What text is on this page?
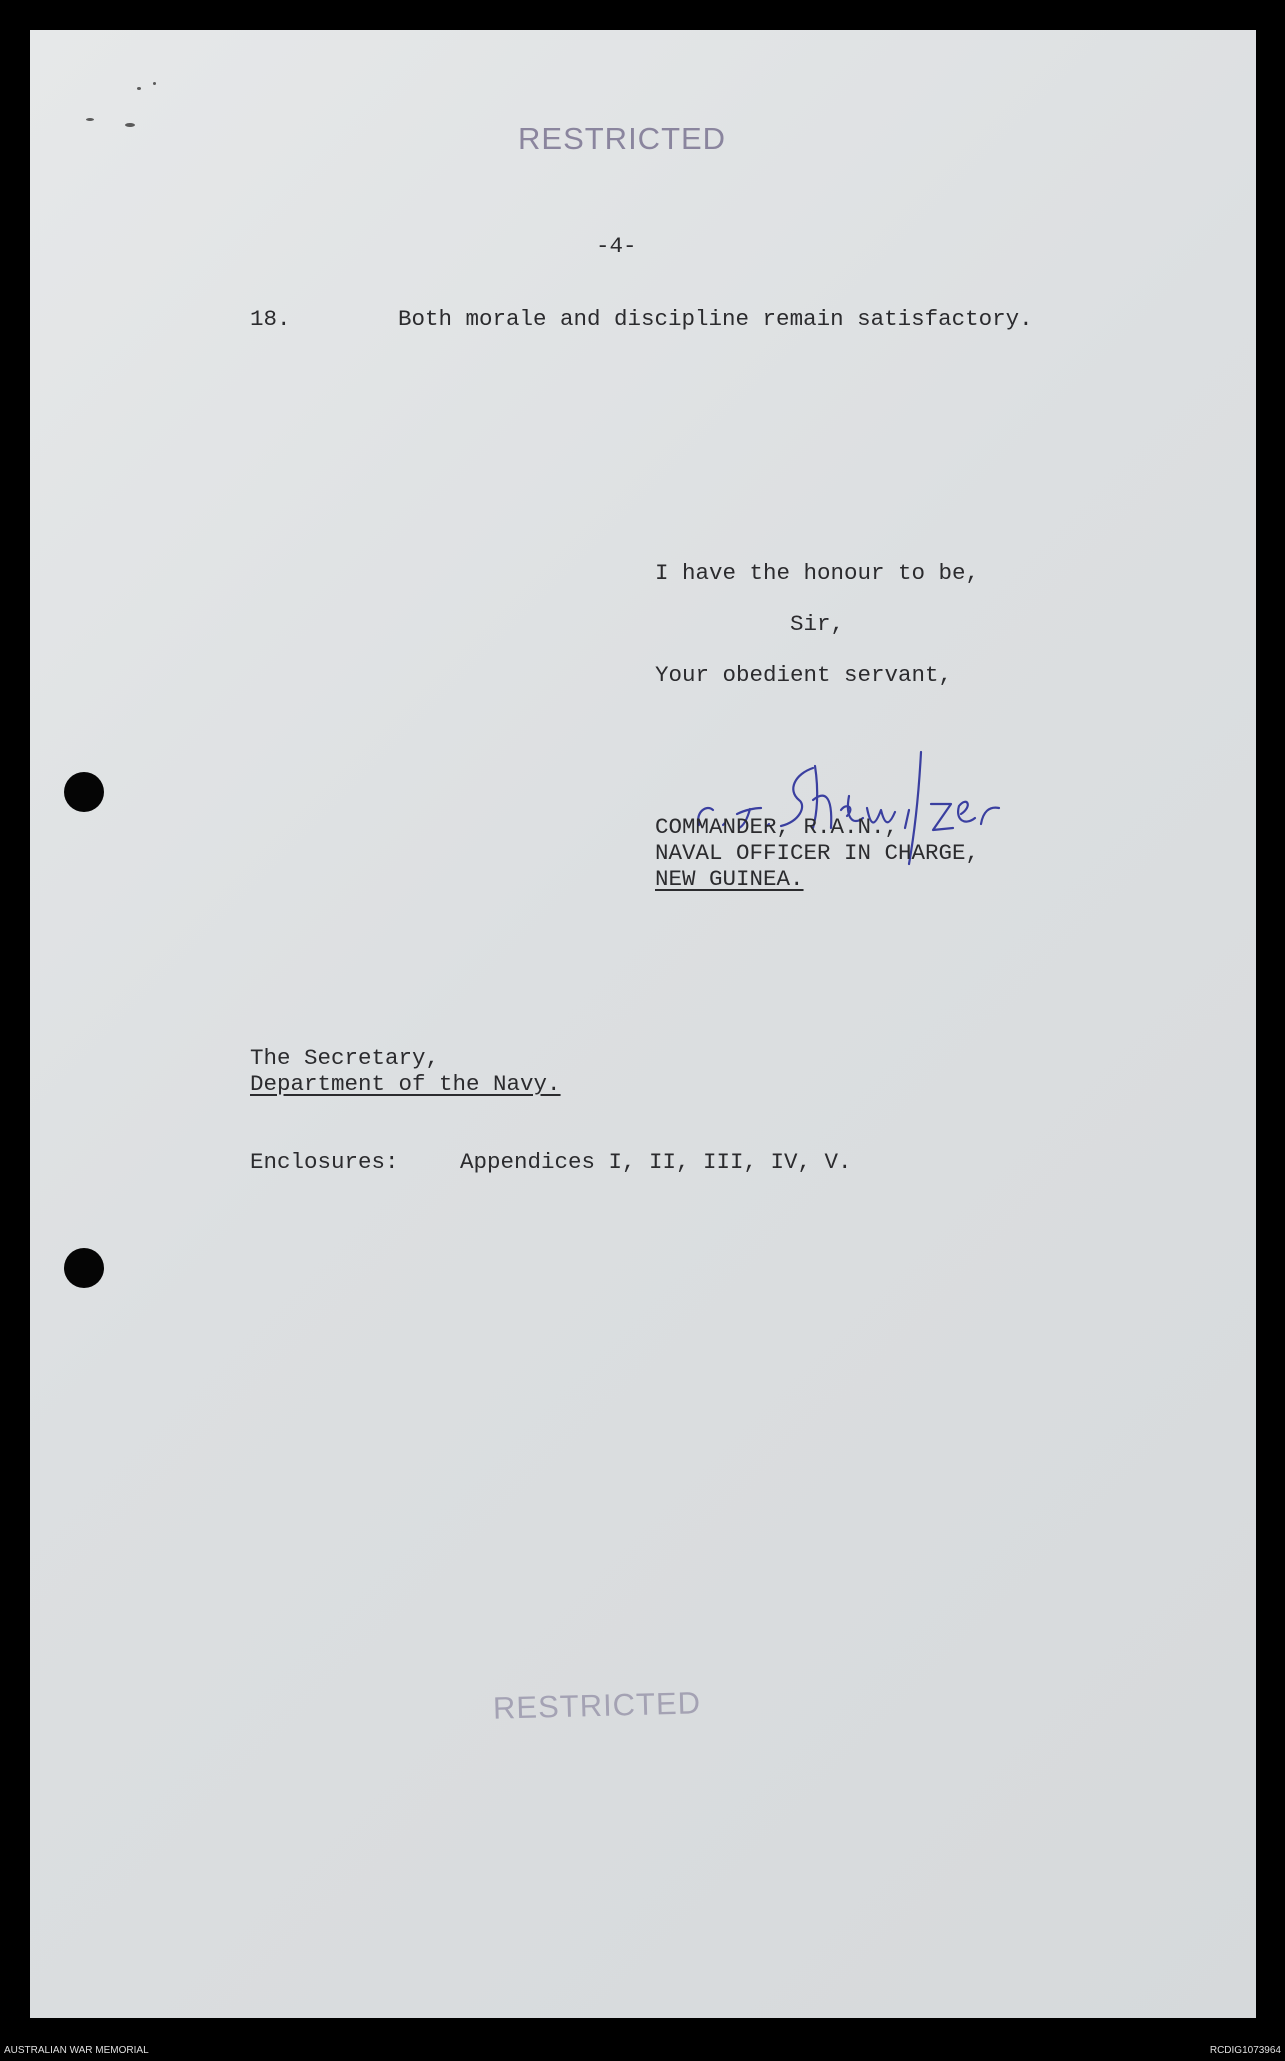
RESTRICTED
-4-
18.	Both morale and discipline remain satisfactory.
I have the honour to be,
Sir,
Your obedient servant,
COMMANDER, R.A.N.,
NAVAL OFFICER IN CHARGE,
NEW GUINEA.
The Secretary,
Department of the Navy.
Enclosures:	Appendices I, II, III, IV, V.
RESTRICTED
AUSTRALIAN WAR MEMORIAL	RCDIG1073964
